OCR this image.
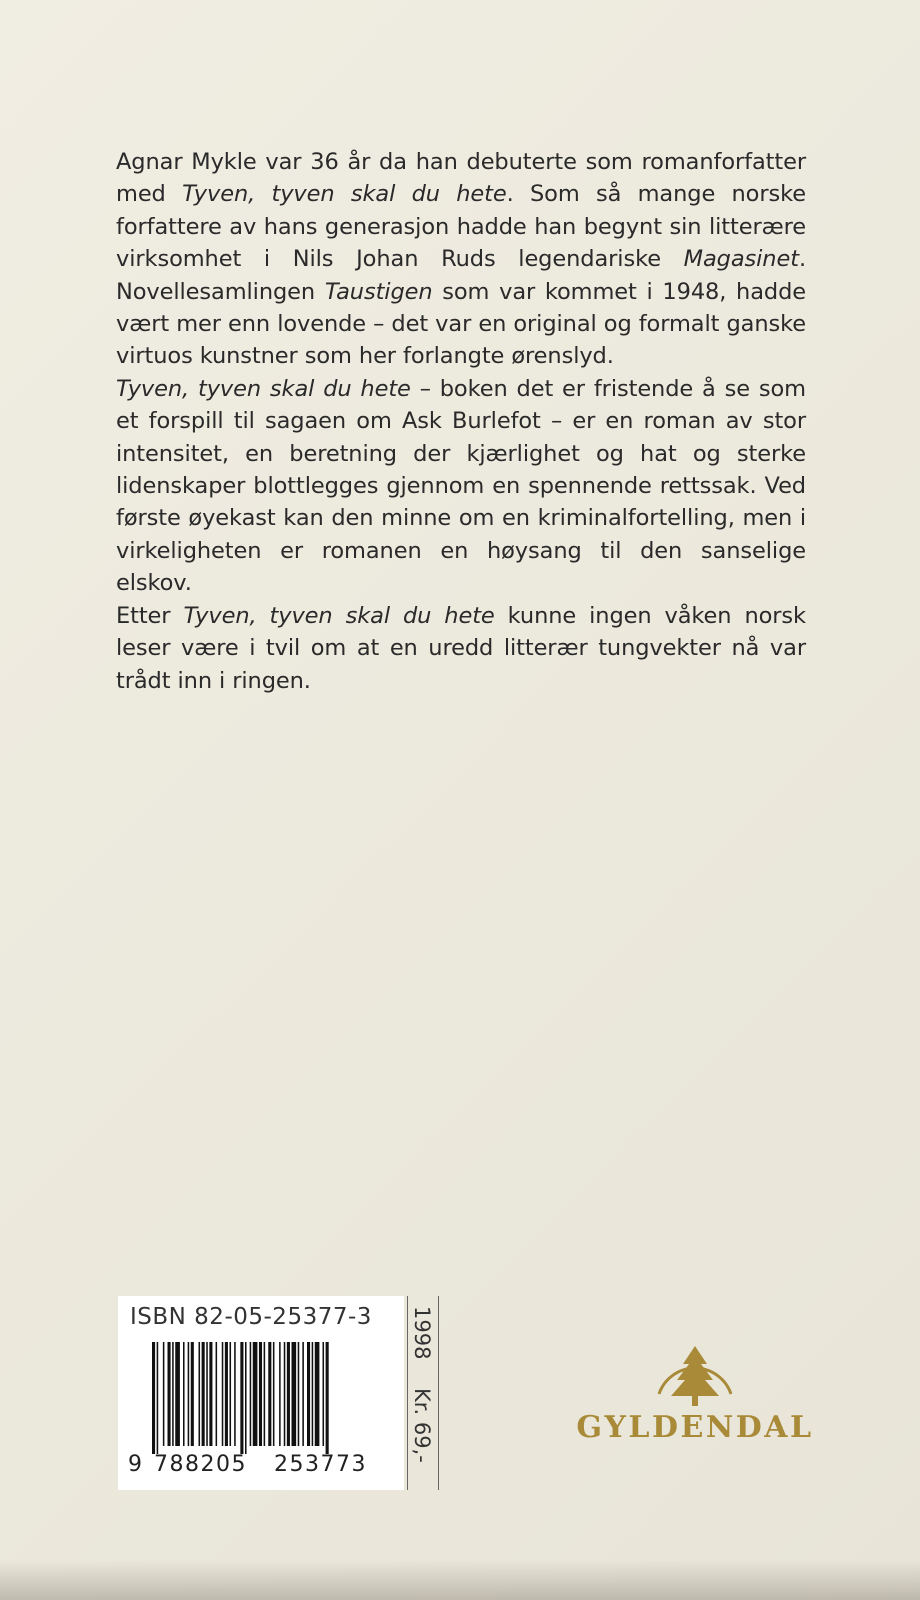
Agnar Mykle var 36 år da han debuterte som romanforfatter med Tyven, tyven skal du hete. Som så mange norske forfattere av hans generasjon hadde han begynt sin litterære virksomhet i Nils Johan Ruds legendariske Magasinet. Novellesamlingen Taustigen som var kommet i 1948, hadde vært mer enn lovende – det var en original og formalt ganske virtuos kunstner som her forlangte ørenslyd.

Tyven, tyven skal du hete – boken det er fristende å se som et forspill til sagaen om Ask Burlefot – er en roman av stor intensitet, en beretning der kjærlighet og hat og sterke lidenskaper blottlegges gjennom en spennende rettssak. Ved første øyekast kan den minne om en kriminalfortelling, men i virkeligheten er romanen en høysang til den sanselige elskov.

Etter Tyven, tyven skal du hete kunne ingen våken norsk leser være i tvil om at en uredd litterær tungvekter nå var trådt inn i ringen.

ISBN 82-05-25377-3
9 788205 253773
1998
Kr. 69,-	GYLDENDAL
